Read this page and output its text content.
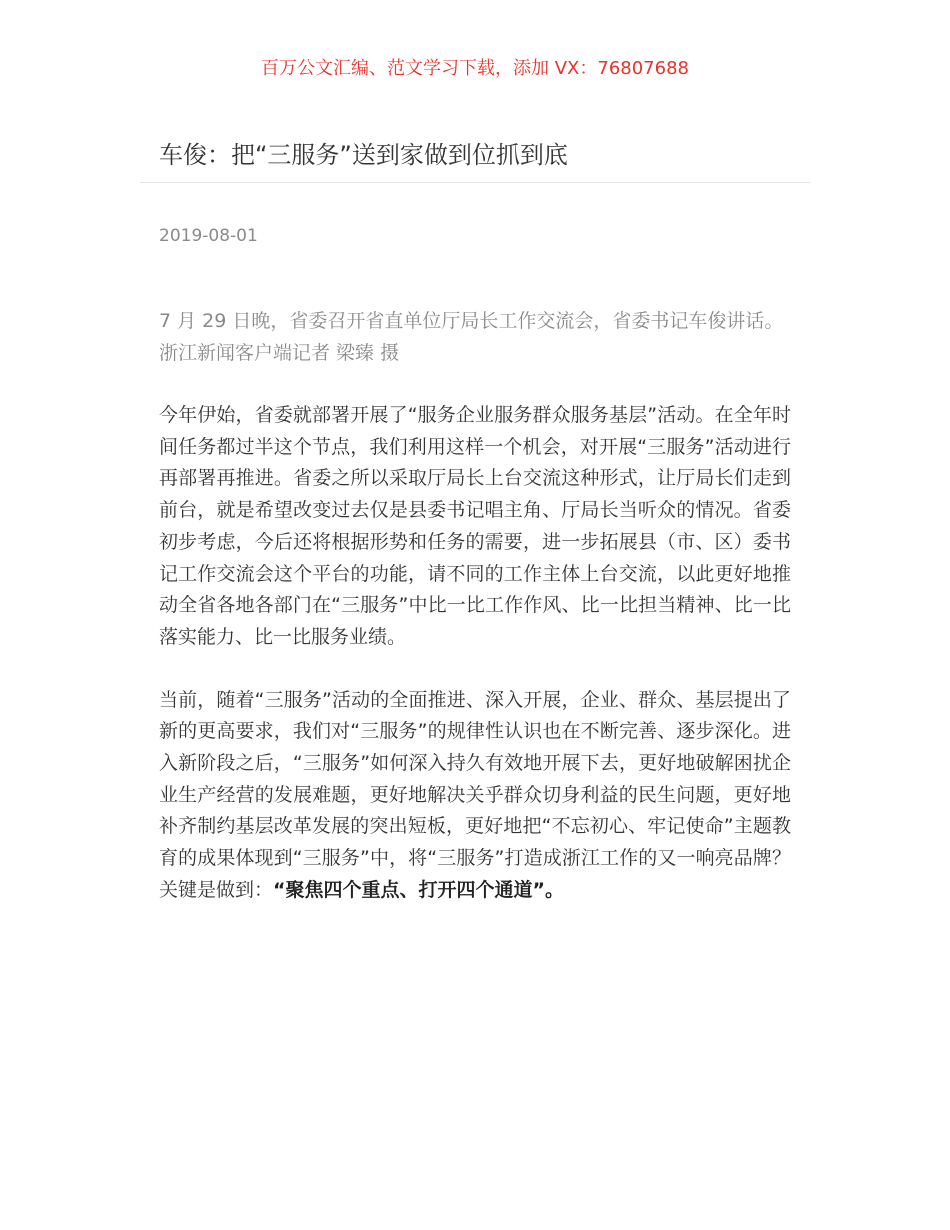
百万公文汇编、范文学习下载，添加 VX：76807688
车俊：把“三服务”送到家做到位抓到底
2019-08-01
7 月 29 日晚，省委召开省直单位厅局长工作交流会，省委书记车俊讲话。浙江新闻客户端记者 梁臻 摄

今年伊始，省委就部署开展了“服务企业服务群众服务基层”活动。在全年时间任务都过半这个节点，我们利用这样一个机会，对开展“三服务”活动进行再部署再推进。省委之所以采取厅局长上台交流这种形式，让厅局长们走到前台，就是希望改变过去仅是县委书记唱主角、厅局长当听众的情况。省委初步考虑，今后还将根据形势和任务的需要，进一步拓展县（市、区）委书记工作交流会这个平台的功能，请不同的工作主体上台交流，以此更好地推动全省各地各部门在“三服务”中比一比工作作风、比一比担当精神、比一比落实能力、比一比服务业绩。

当前，随着“三服务”活动的全面推进、深入开展，企业、群众、基层提出了新的更高要求，我们对“三服务”的规律性认识也在不断完善、逐步深化。进入新阶段之后，“三服务”如何深入持久有效地开展下去，更好地破解困扰企业生产经营的发展难题，更好地解决关乎群众切身利益的民生问题，更好地补齐制约基层改革发展的突出短板，更好地把“不忘初心、牢记使命”主题教育的成果体现到“三服务”中，将“三服务”打造成浙江工作的又一响亮品牌？关键是做到：“聚焦四个重点、打开四个通道”。
